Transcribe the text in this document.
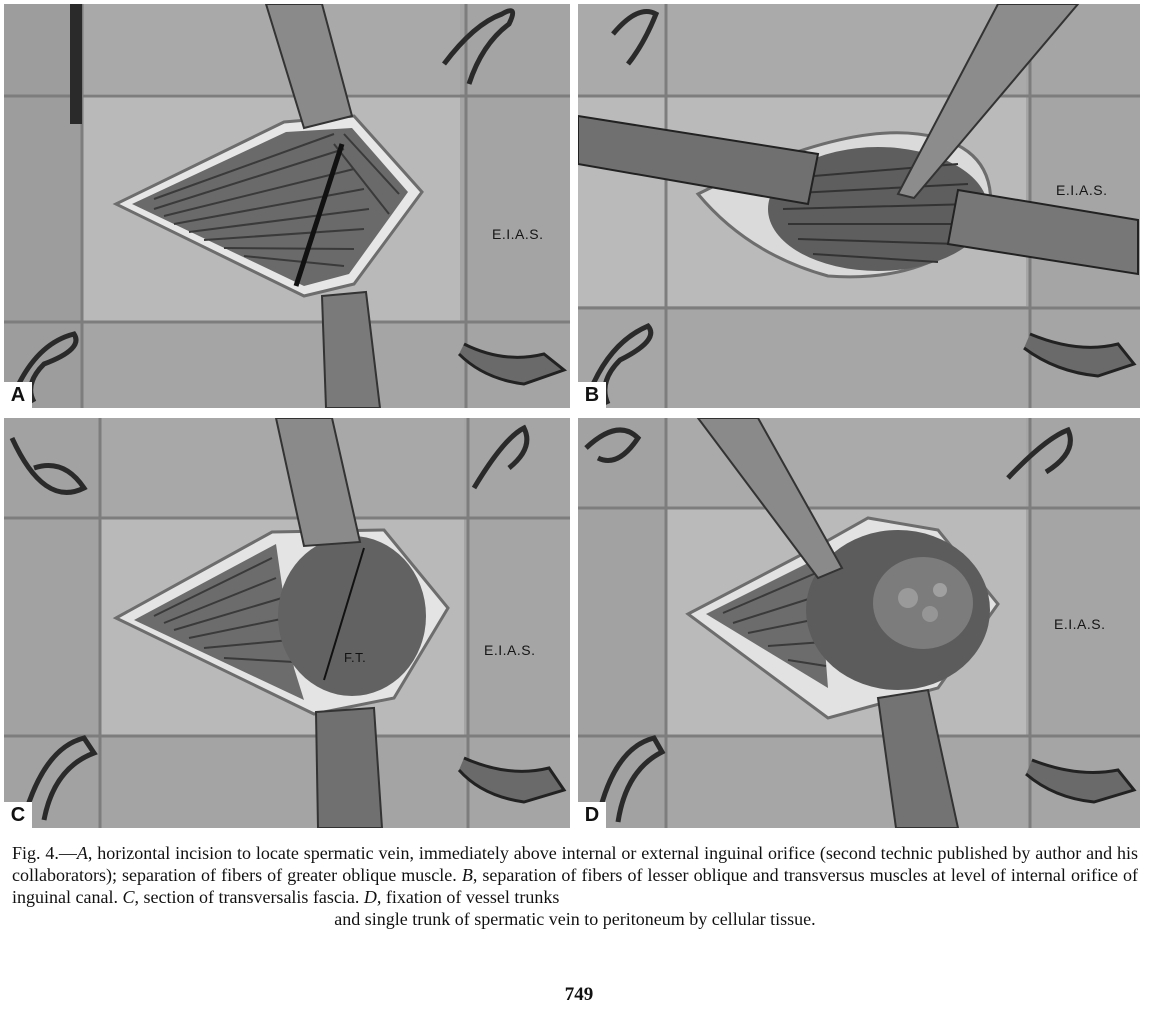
E.I.A.S.
A
E.I.A.S.
B
F.T.	E.I.A.S.
C
E.I.A.S.
D
Fig. 4.—A, horizontal incision to locate spermatic vein, immediately above internal or external inguinal orifice (second technic published by author and his collaborators); separation of fibers of greater oblique muscle. B, separation of fibers of lesser oblique and transversus muscles at level of internal orifice of inguinal canal. C, section of transversalis fascia. D, fixation of vessel trunks
and single trunk of spermatic vein to peritoneum by cellular tissue.
749
